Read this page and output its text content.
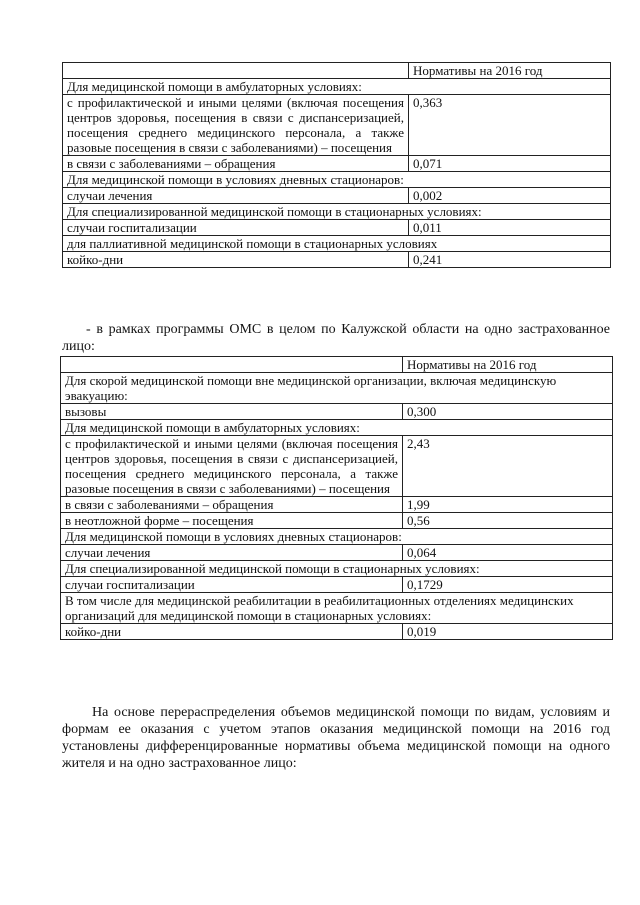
	Нормативы на 2016 год
Для медицинской помощи в амбулаторных условиях:	
с профилактической и иными целями (включая посещения центров здоровья, посещения в связи с диспансеризацией, посещения среднего медицинского персонала, а также разовые посещения в связи с заболеваниями) – посещения	0,363
в связи с заболеваниями – обращения	0,071
Для медицинской помощи в условиях дневных стационаров:	
случаи лечения	0,002
Для специализированной медицинской помощи в стационарных условиях:	
случаи госпитализации	0,011
для паллиативной медицинской помощи в стационарных условиях	
койко-дни	0,241
- в рамках программы ОМС в целом по Калужской области на одно застрахованное лицо:
	Нормативы на 2016 год
Для скорой медицинской помощи вне медицинской организации, включая медицинскую эвакуацию:	
вызовы	0,300
Для медицинской помощи в амбулаторных условиях:	
с профилактической и иными целями (включая посещения центров здоровья, посещения в связи с диспансеризацией, посещения среднего медицинского персонала, а также разовые посещения в связи с заболеваниями) – посещения	2,43
в связи с заболеваниями – обращения	1,99
в неотложной форме – посещения	0,56
Для медицинской помощи в условиях дневных стационаров:	
случаи лечения	0,064
Для специализированной медицинской помощи в стационарных условиях:	
случаи госпитализации	0,1729
В том числе для медицинской реабилитации в реабилитационных отделениях медицинских организаций для медицинской помощи в стационарных условиях:	
койко-дни	0,019
На основе перераспределения объемов медицинской помощи по видам, условиям и формам ее оказания с учетом этапов оказания медицинской помощи на 2016 год установлены дифференцированные нормативы объема медицинской помощи на одного жителя и на одно застрахованное лицо:
